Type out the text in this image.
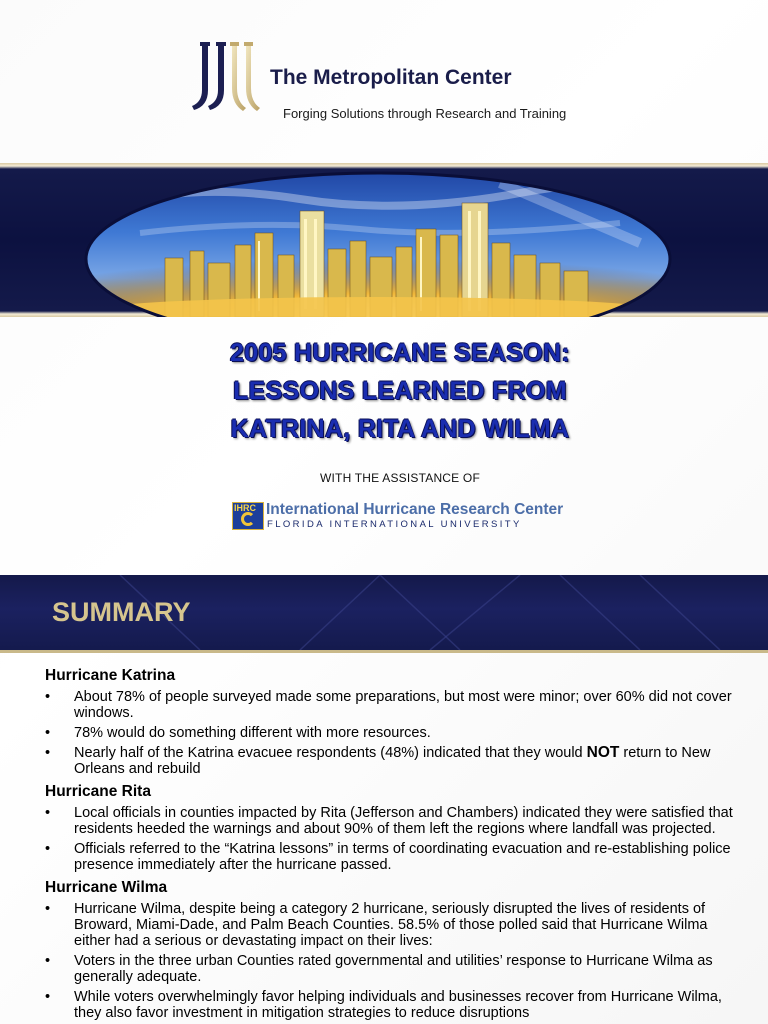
The Metropolitan Center
Forging Solutions through Research and Training
2005 HURRICANE SEASON:
LESSONS LEARNED FROM
KATRINA, RITA AND WILMA
WITH THE ASSISTANCE OF
IHRC International Hurricane Research Center
FLORIDA INTERNATIONAL UNIVERSITY
SUMMARY
Hurricane Katrina
• About 78% of people surveyed made some preparations, but most were minor; over 60% did not cover windows.
• 78% would do something different with more resources.
• Nearly half of the Katrina evacuee respondents (48%) indicated that they would NOT return to New Orleans and rebuild
Hurricane Rita
• Local officials in counties impacted by Rita (Jefferson and Chambers) indicated they were satisfied that residents heeded the warnings and about 90% of them left the regions where landfall was projected.
• Officials referred to the “Katrina lessons” in terms of coordinating evacuation and re-establishing police presence immediately after the hurricane passed.
Hurricane Wilma
• Hurricane Wilma, despite being a category 2 hurricane, seriously disrupted the lives of residents of Broward, Miami-Dade, and Palm Beach Counties. 58.5% of those polled said that Hurricane Wilma either had a serious or devastating impact on their lives:
• Voters in the three urban Counties rated governmental and utilities’ response to Hurricane Wilma as generally adequate.
• While voters overwhelmingly favor helping individuals and businesses recover from Hurricane Wilma, they also favor investment in mitigation strategies to reduce disruptions
